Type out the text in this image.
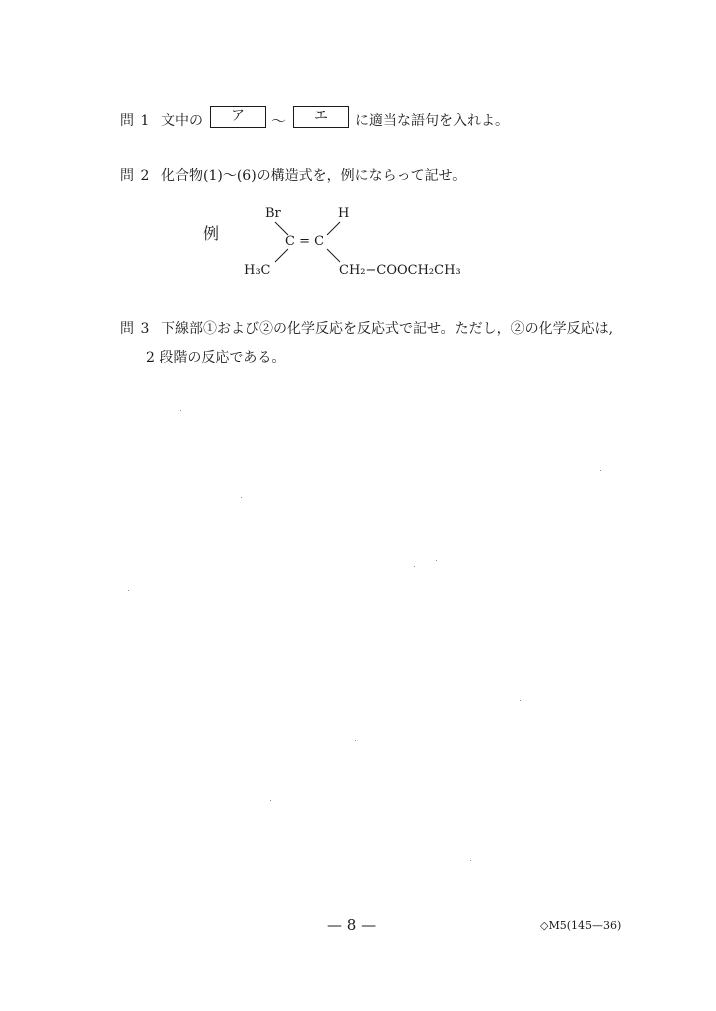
問 1 文中の	ア	〜	エ	に適当な語句を入れよ。
問 2 化合物(1)〜(6)の構造式を，例にならって記せ。
例
Br	H
C = C
H₃C	CH₂−COOCH₂CH₃
問 3 下線部①および②の化学反応を反応式で記せ。ただし，②の化学反応は,
2 段階の反応である。
— 8 —	◇M5(145—36)
